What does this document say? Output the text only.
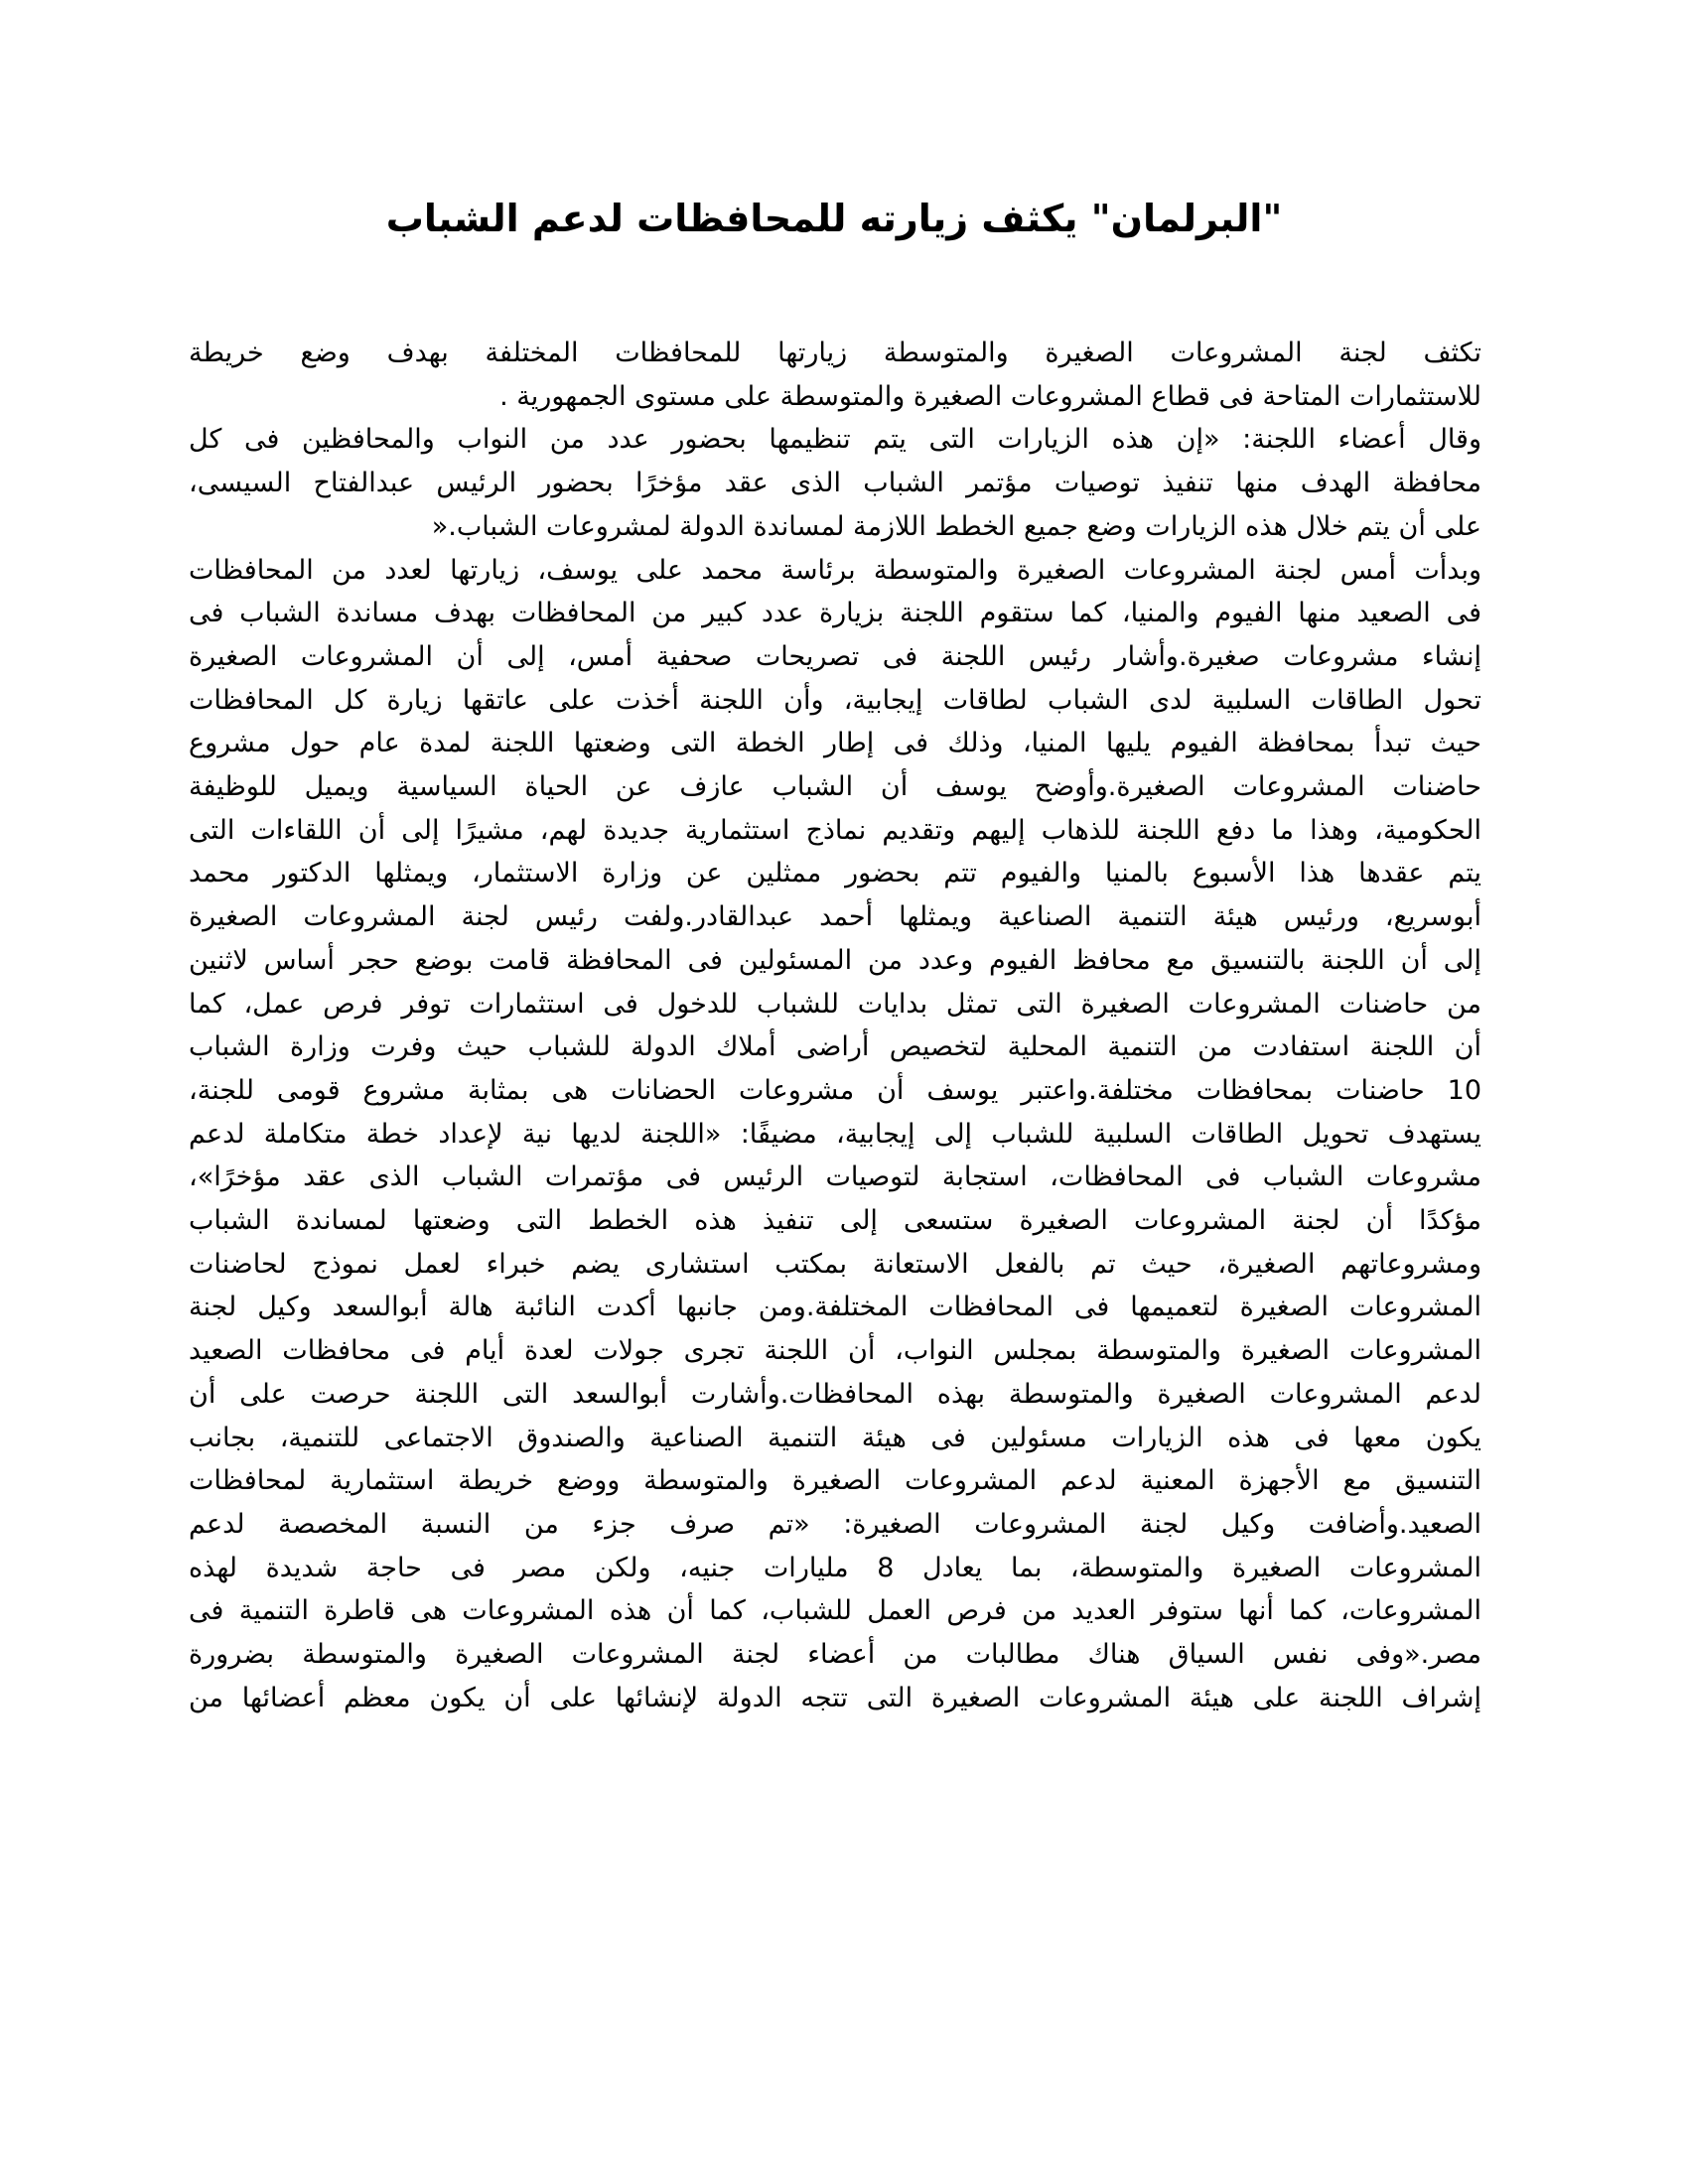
"البرلمان" يكثف زيارته للمحافظات لدعم الشباب
تكثف لجنة المشروعات الصغيرة والمتوسطة زيارتها للمحافظات المختلفة بهدف وضع خريطة
للاستثمارات المتاحة فى قطاع المشروعات الصغيرة والمتوسطة على مستوى الجمهورية .
وقال أعضاء اللجنة: «إن هذه الزيارات التى يتم تنظيمها بحضور عدد من النواب والمحافظين فى كل
محافظة الهدف منها تنفيذ توصيات مؤتمر الشباب الذى عقد مؤخرًا بحضور الرئيس عبدالفتاح السيسى،
على أن يتم خلال هذه الزيارات وضع جميع الخطط اللازمة لمساندة الدولة لمشروعات الشباب.«
وبدأت أمس لجنة المشروعات الصغيرة والمتوسطة برئاسة محمد على يوسف، زيارتها لعدد من المحافظات
فى الصعيد منها الفيوم والمنيا، كما ستقوم اللجنة بزيارة عدد كبير من المحافظات بهدف مساندة الشباب فى
إنشاء مشروعات صغيرة.وأشار رئيس اللجنة فى تصريحات صحفية أمس، إلى أن المشروعات الصغيرة
تحول الطاقات السلبية لدى الشباب لطاقات إيجابية، وأن اللجنة أخذت على عاتقها زيارة كل المحافظات
حيث تبدأ بمحافظة الفيوم يليها المنيا، وذلك فى إطار الخطة التى وضعتها اللجنة لمدة عام حول مشروع
حاضنات المشروعات الصغيرة.وأوضح يوسف أن الشباب عازف عن الحياة السياسية ويميل للوظيفة
الحكومية، وهذا ما دفع اللجنة للذهاب إليهم وتقديم نماذج استثمارية جديدة لهم، مشيرًا إلى أن اللقاءات التى
يتم عقدها هذا الأسبوع بالمنيا والفيوم تتم بحضور ممثلين عن وزارة الاستثمار، ويمثلها الدكتور محمد
أبوسريع، ورئيس هيئة التنمية الصناعية ويمثلها أحمد عبدالقادر.ولفت رئيس لجنة المشروعات الصغيرة
إلى أن اللجنة بالتنسيق مع محافظ الفيوم وعدد من المسئولين فى المحافظة قامت بوضع حجر أساس لاثنين
من حاضنات المشروعات الصغيرة التى تمثل بدايات للشباب للدخول فى استثمارات توفر فرص عمل، كما
أن اللجنة استفادت من التنمية المحلية لتخصيص أراضى أملاك الدولة للشباب حيث وفرت وزارة الشباب
10 حاضنات بمحافظات مختلفة.واعتبر يوسف أن مشروعات الحضانات هى بمثابة مشروع قومى للجنة،
يستهدف تحويل الطاقات السلبية للشباب إلى إيجابية، مضيفًا: «اللجنة لديها نية لإعداد خطة متكاملة لدعم
مشروعات الشباب فى المحافظات، استجابة لتوصيات الرئيس فى مؤتمرات الشباب الذى عقد مؤخرًا»،
مؤكدًا أن لجنة المشروعات الصغيرة ستسعى إلى تنفيذ هذه الخطط التى وضعتها لمساندة الشباب
ومشروعاتهم الصغيرة، حيث تم بالفعل الاستعانة بمكتب استشارى يضم خبراء لعمل نموذج لحاضنات
المشروعات الصغيرة لتعميمها فى المحافظات المختلفة.ومن جانبها أكدت النائبة هالة أبوالسعد وكيل لجنة
المشروعات الصغيرة والمتوسطة بمجلس النواب، أن اللجنة تجرى جولات لعدة أيام فى محافظات الصعيد
لدعم المشروعات الصغيرة والمتوسطة بهذه المحافظات.وأشارت أبوالسعد التى اللجنة حرصت على أن
يكون معها فى هذه الزيارات مسئولين فى هيئة التنمية الصناعية والصندوق الاجتماعى للتنمية، بجانب
التنسيق مع الأجهزة المعنية لدعم المشروعات الصغيرة والمتوسطة ووضع خريطة استثمارية لمحافظات
الصعيد.وأضافت وكيل لجنة المشروعات الصغيرة: «تم صرف جزء من النسبة المخصصة لدعم
المشروعات الصغيرة والمتوسطة، بما يعادل 8 مليارات جنيه، ولكن مصر فى حاجة شديدة لهذه
المشروعات، كما أنها ستوفر العديد من فرص العمل للشباب، كما أن هذه المشروعات هى قاطرة التنمية فى
مصر.«وفى نفس السياق هناك مطالبات من أعضاء لجنة المشروعات الصغيرة والمتوسطة بضرورة
إشراف اللجنة على هيئة المشروعات الصغيرة التى تتجه الدولة لإنشائها على أن يكون معظم أعضائها من
